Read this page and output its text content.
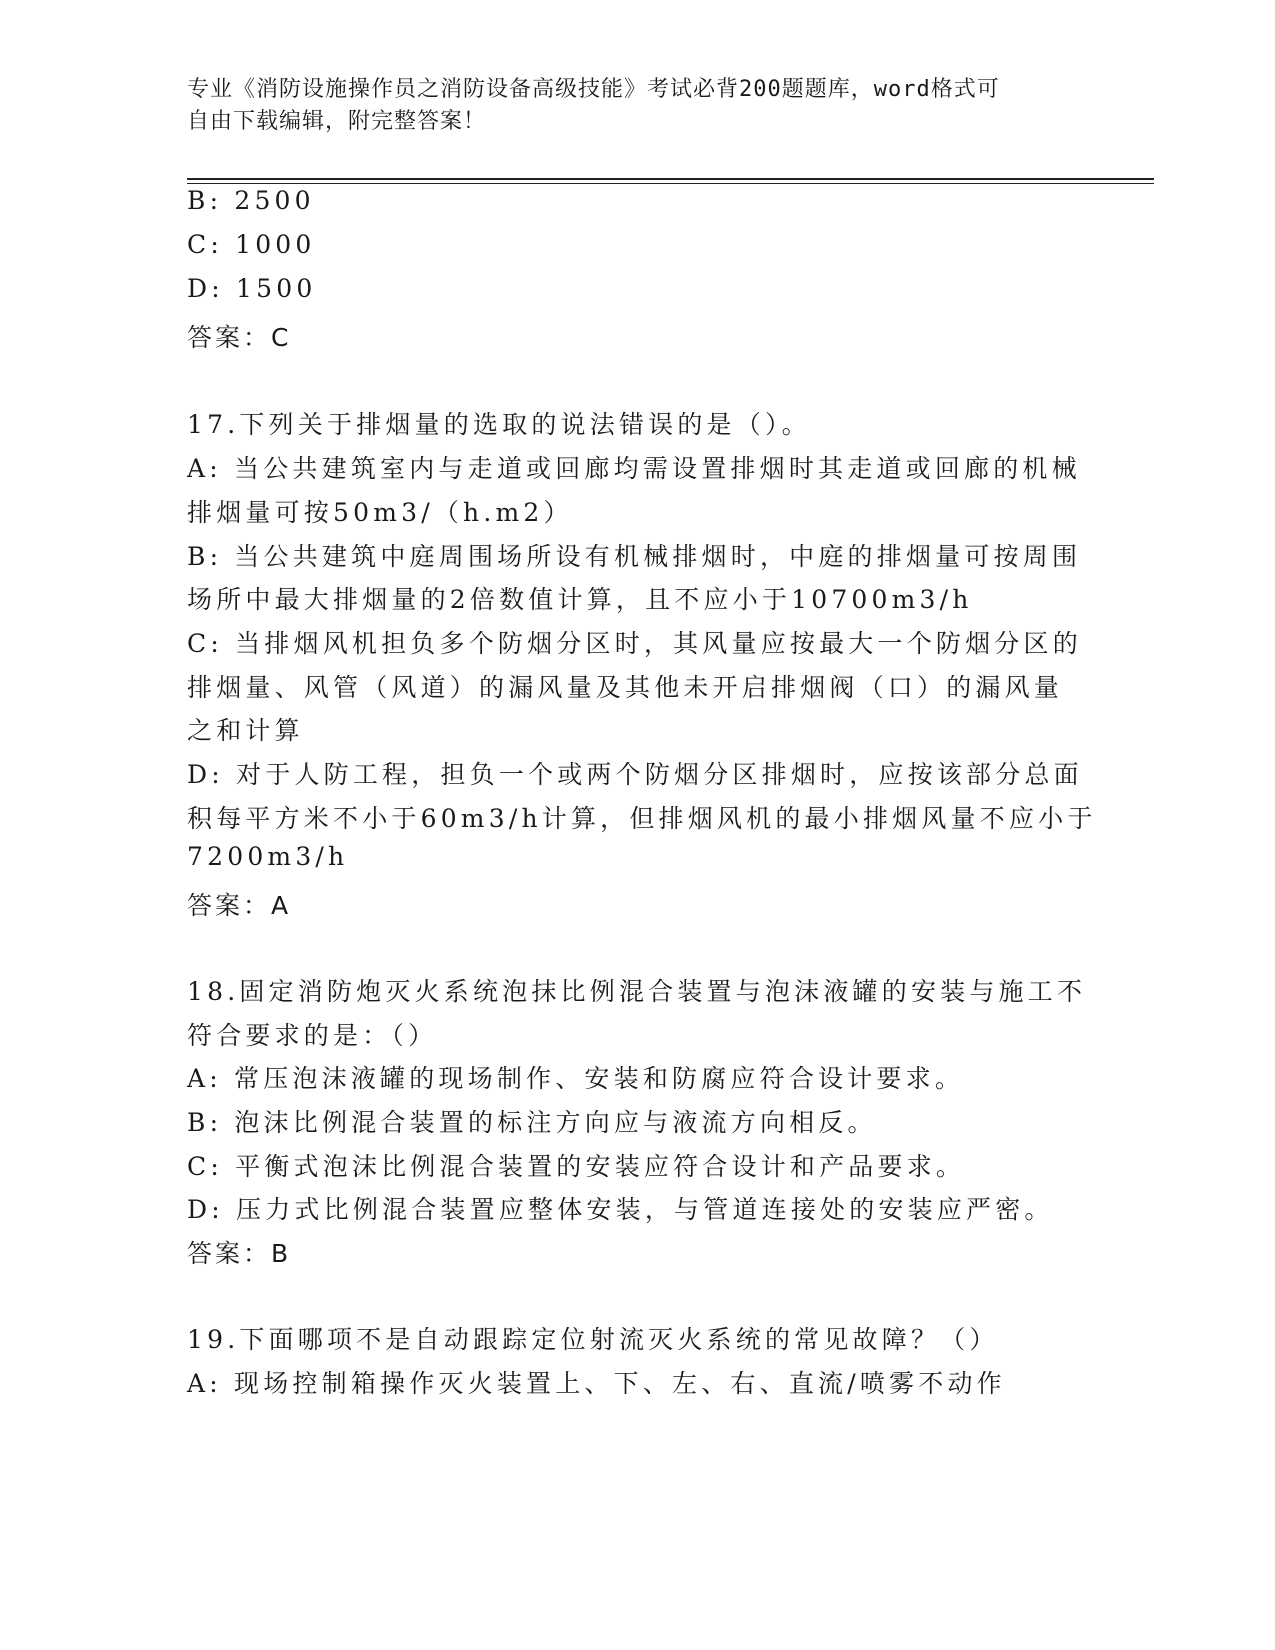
专业《消防设施操作员之消防设备高级技能》考试必背200题题库，word格式可
自由下载编辑，附完整答案！
B: 2500
C: 1000
D: 1500
答案：C
17.下列关于排烟量的选取的说法错误的是（）。
A: 当公共建筑室内与走道或回廊均需设置排烟时其走道或回廊的机械
排烟量可按50m3/（h.m2）
B: 当公共建筑中庭周围场所设有机械排烟时，中庭的排烟量可按周围
场所中最大排烟量的2倍数值计算，且不应小于10700m3/h
C: 当排烟风机担负多个防烟分区时，其风量应按最大一个防烟分区的
排烟量、风管（风道）的漏风量及其他未开启排烟阀（口）的漏风量
之和计算
D: 对于人防工程，担负一个或两个防烟分区排烟时，应按该部分总面
积每平方米不小于60m3/h计算，但排烟风机的最小排烟风量不应小于
7200m3/h
答案：A
18.固定消防炮灭火系统泡抹比例混合装置与泡沫液罐的安装与施工不
符合要求的是：（）
A: 常压泡沫液罐的现场制作、安装和防腐应符合设计要求。
B: 泡沫比例混合装置的标注方向应与液流方向相反。
C: 平衡式泡沫比例混合装置的安装应符合设计和产品要求。
D: 压力式比例混合装置应整体安装，与管道连接处的安装应严密。
答案：B
19.下面哪项不是自动跟踪定位射流灭火系统的常见故障？（）
A: 现场控制箱操作灭火装置上、下、左、右、直流/喷雾不动作
